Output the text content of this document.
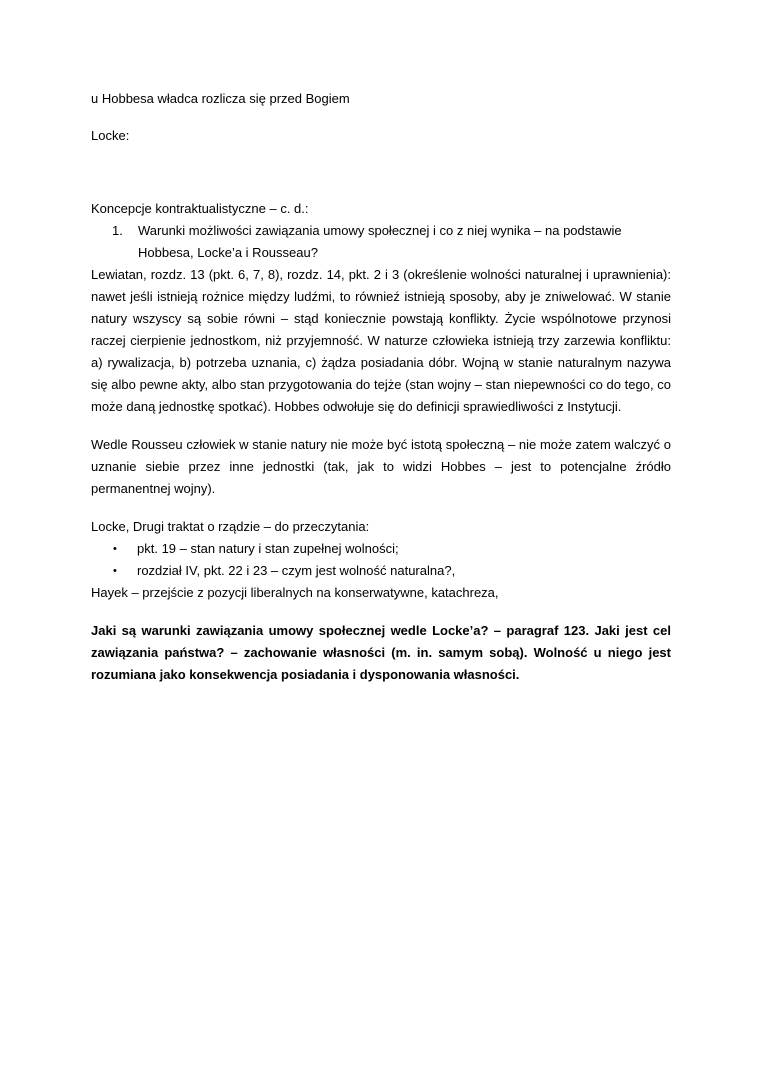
u Hobbesa władca rozlicza się przed Bogiem

Locke:

Koncepcje kontraktualistyczne – c. d.:

1. Warunki możliwości zawiązania umowy społecznej i co z niej wynika – na podstawie Hobbesa, Locke’a i Rousseau?

Lewiatan, rozdz. 13 (pkt. 6, 7, 8), rozdz. 14, pkt. 2 i 3 (określenie wolności naturalnej i uprawnienia): nawet jeśli istnieją rożnice między ludźmi, to równieź istnieją sposoby, aby je zniwelować. W stanie natury wszyscy są sobie równi – stąd koniecznie powstają konflikty. Życie wspólnotowe przynosi raczej cierpienie jednostkom, niż przyjemność. W naturze człowieka istnieją trzy zarzewia konfliktu: a) rywalizacja, b) potrzeba uznania, c) żądza posiadania dóbr. Wojną w stanie naturalnym nazywa się albo pewne akty, albo stan przygotowania do tejże (stan wojny – stan niepewności co do tego, co może daną jednostkę spotkać). Hobbes odwołuje się do definicji sprawiedliwości z Instytucji.

Wedle Rousseu człowiek w stanie natury nie może być istotą społeczną – nie może zatem walczyć o uznanie siebie przez inne jednostki (tak, jak to widzi Hobbes – jest to potencjalne źródło permanentnej wojny).

Locke, Drugi traktat o rządzie – do przeczytania:

• pkt. 19 – stan natury i stan zupełnej wolności;
• rozdział IV, pkt. 22 i 23 – czym jest wolność naturalna?,

Hayek – przejście z pozycji liberalnych na konserwatywne, katachreza,

Jaki są warunki zawiązania umowy społecznej wedle Locke’a? – paragraf 123. Jaki jest cel zawiązania państwa? – zachowanie własności (m. in. samym sobą). Wolność u niego jest rozumiana jako konsekwencja posiadania i dysponowania własności.
